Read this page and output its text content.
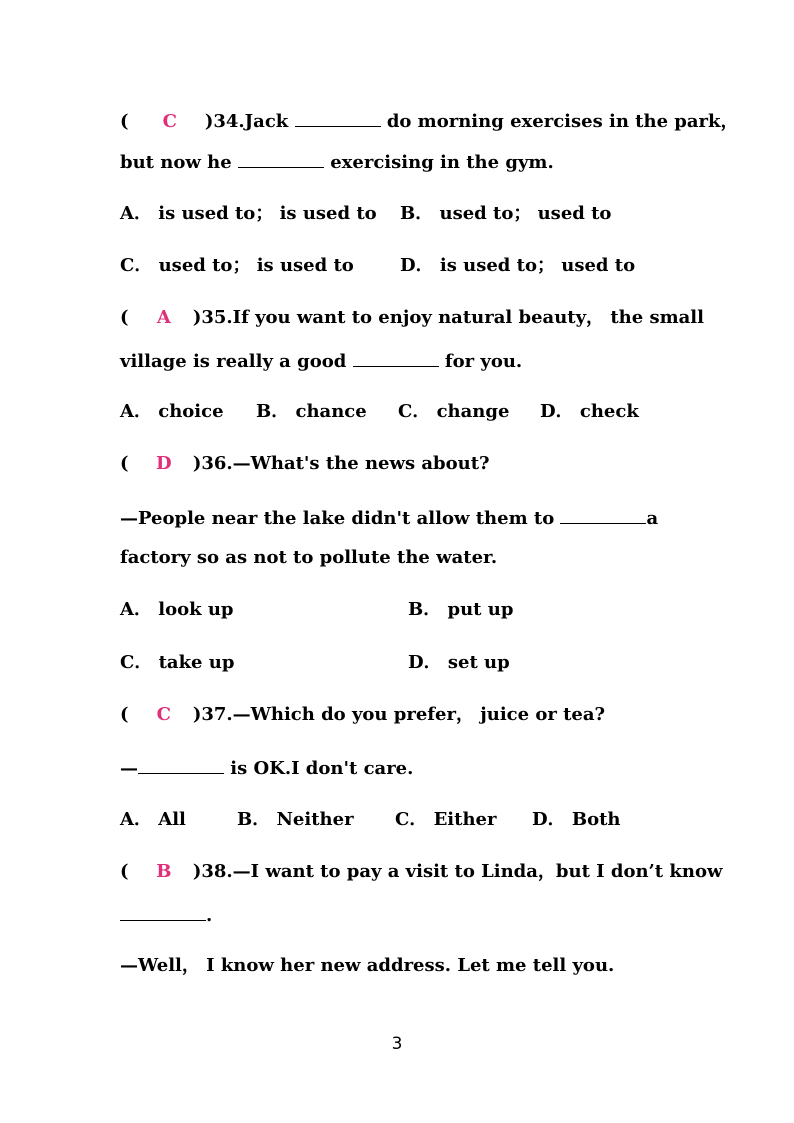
( C )34.Jack	do morning exercises in the park，
but now he	exercising in the gym.
A． is used to； is used to B． used to； used to
C． used to； is used to	D． is used to； used to
( A )35.If you want to enjoy natural beauty， the small
village is really a good	for you.
A． choice B． chance C． change D． check
( D )36.—What's the news about?
—People near the lake didn't allow them to	a
factory so as not to pollute the water.
A． look up	B． put up
C． take up	D． set up
( C )37.—Which do you prefer， juice or tea?
—	is OK.I don't care.
A． All	B． Neither C． Either D． Both
( B )38.—I want to pay a visit to Linda，but I don’t know
.
—Well， I know her new address. Let me tell you.
3
